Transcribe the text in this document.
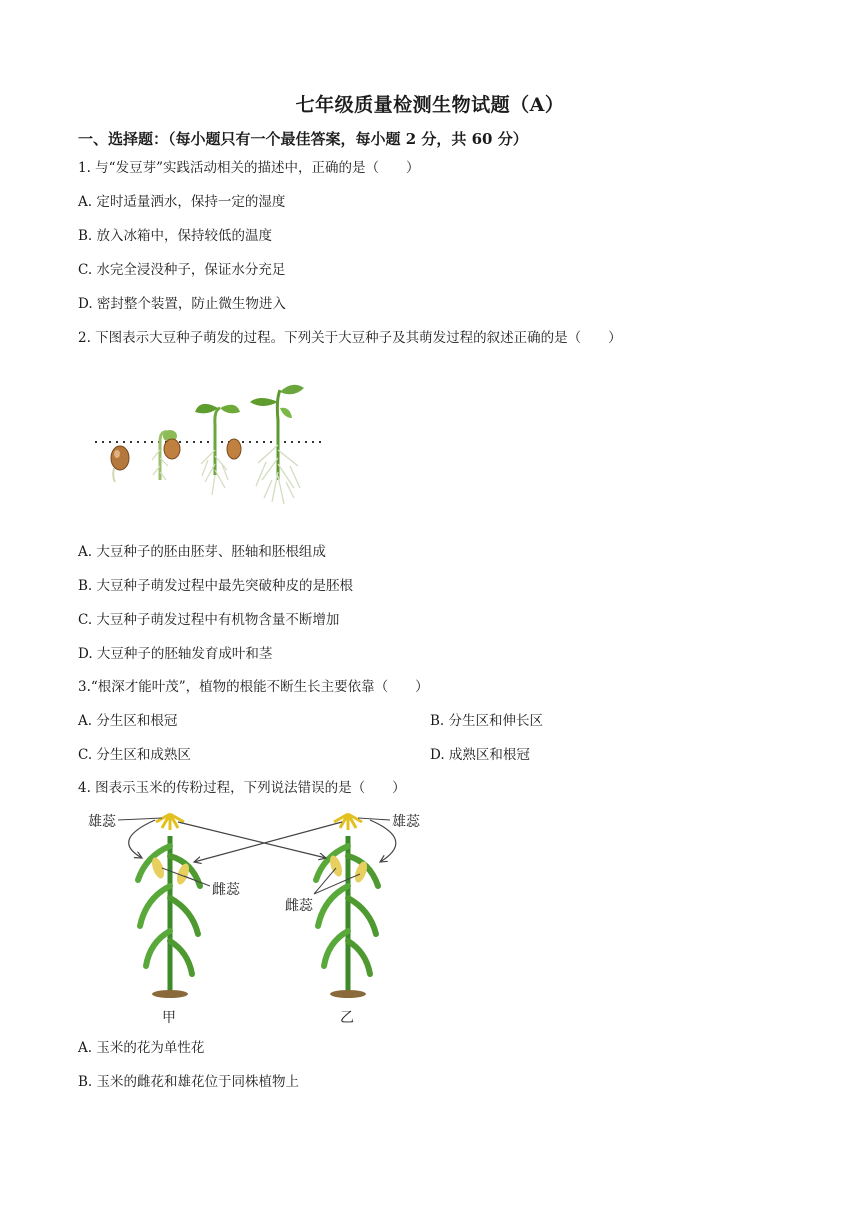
七年级质量检测生物试题（A）
一、选择题：（每小题只有一个最佳答案，每小题 2 分，共 60 分）
1. 与“发豆芽”实践活动相关的描述中，正确的是（　　）
A. 定时适量洒水，保持一定的湿度
B. 放入冰箱中，保持较低的温度
C. 水完全浸没种子，保证水分充足
D. 密封整个装置，防止微生物进入
2. 下图表示大豆种子萌发的过程。下列关于大豆种子及其萌发过程的叙述正确的是（　　）
A. 大豆种子的胚由胚芽、胚轴和胚根组成
B. 大豆种子萌发过程中最先突破种皮的是胚根
C. 大豆种子萌发过程中有机物含量不断增加
D. 大豆种子的胚轴发育成叶和茎
3.“根深才能叶茂”，植物的根能不断生长主要依靠（　　）
A. 分生区和根冠	B. 分生区和伸长区
C. 分生区和成熟区	D. 成熟区和根冠
4. 图表示玉米的传粉过程，下列说法错误的是（　　）
雄蕊	雄蕊
雌蕊
雌蕊
甲	乙
A. 玉米的花为单性花
B. 玉米的雌花和雄花位于同株植物上
